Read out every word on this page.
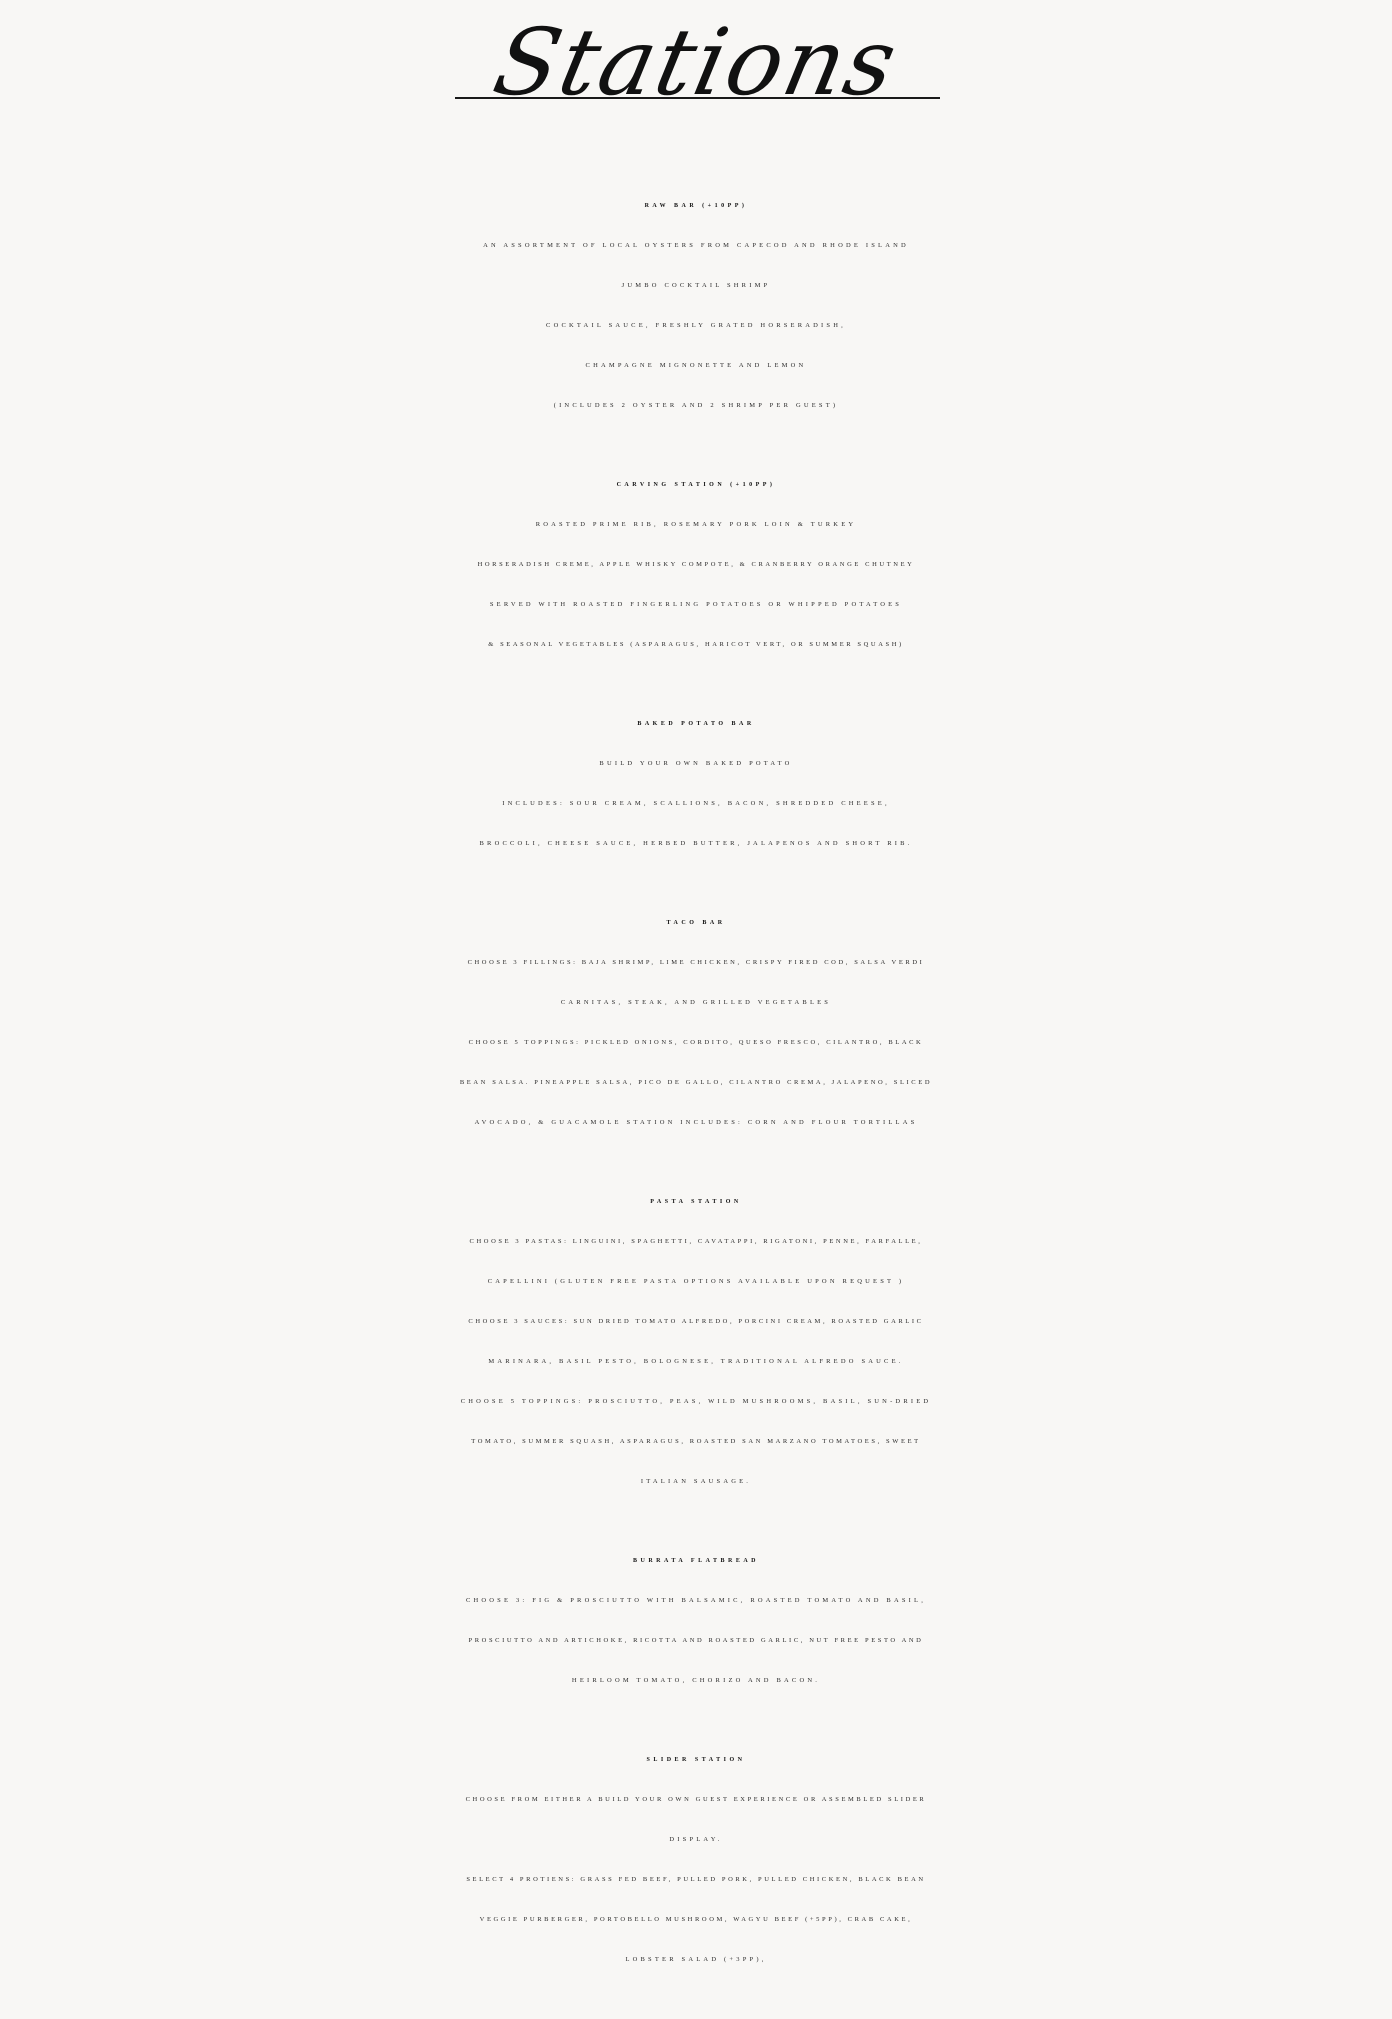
Stations
RAW BAR (+10PP)
AN ASSORTMENT OF LOCAL OYSTERS FROM CAPECOD AND RHODE ISLAND
JUMBO COCKTAIL SHRIMP
COCKTAIL SAUCE, FRESHLY GRATED HORSERADISH,
CHAMPAGNE MIGNONETTE AND LEMON
(INCLUDES 2 OYSTER AND 2 SHRIMP PER GUEST)
CARVING STATION (+10PP)
ROASTED PRIME RIB, ROSEMARY PORK LOIN & TURKEY
HORSERADISH CREME, APPLE WHISKY COMPOTE, & CRANBERRY ORANGE CHUTNEY
SERVED WITH ROASTED FINGERLING POTATOES OR WHIPPED POTATOES
& SEASONAL VEGETABLES (ASPARAGUS, HARICOT VERT, OR SUMMER SQUASH)
BAKED POTATO BAR
BUILD YOUR OWN BAKED POTATO
INCLUDES: SOUR CREAM, SCALLIONS, BACON, SHREDDED CHEESE,
BROCCOLI, CHEESE SAUCE, HERBED BUTTER, JALAPENOS AND SHORT RIB.
TACO BAR
CHOOSE 3 FILLINGS: BAJA SHRIMP, LIME CHICKEN, CRISPY FIRED COD, SALSA VERDI
CARNITAS, STEAK, AND GRILLED VEGETABLES
CHOOSE 5 TOPPINGS: PICKLED ONIONS, CORDITO, QUESO FRESCO, CILANTRO, BLACK
BEAN SALSA. PINEAPPLE SALSA, PICO DE GALLO, CILANTRO CREMA, JALAPENO, SLICED
AVOCADO, & GUACAMOLE STATION INCLUDES: CORN AND FLOUR TORTILLAS
PASTA STATION
CHOOSE 3 PASTAS: LINGUINI, SPAGHETTI, CAVATAPPI, RIGATONI, PENNE, FARFALLE,
CAPELLINI (GLUTEN FREE PASTA OPTIONS AVAILABLE UPON REQUEST )
CHOOSE 3 SAUCES: SUN DRIED TOMATO ALFREDO, PORCINI CREAM, ROASTED GARLIC
MARINARA, BASIL PESTO, BOLOGNESE, TRADITIONAL ALFREDO SAUCE.
CHOOSE 5 TOPPINGS: PROSCIUTTO, PEAS, WILD MUSHROOMS, BASIL, SUN-DRIED
TOMATO, SUMMER SQUASH, ASPARAGUS, ROASTED SAN MARZANO TOMATOES, SWEET
ITALIAN SAUSAGE.
BURRATA FLATBREAD
CHOOSE 3: FIG & PROSCIUTTO WITH BALSAMIC, ROASTED TOMATO AND BASIL,
PROSCIUTTO AND ARTICHOKE, RICOTTA AND ROASTED GARLIC, NUT FREE PESTO AND
HEIRLOOM TOMATO, CHORIZO AND BACON.
SLIDER STATION
CHOOSE FROM EITHER A BUILD YOUR OWN GUEST EXPERIENCE OR ASSEMBLED SLIDER
DISPLAY.
SELECT 4 PROTIENS: GRASS FED BEEF, PULLED PORK, PULLED CHICKEN, BLACK BEAN
VEGGIE PURBERGER, PORTOBELLO MUSHROOM, WAGYU BEEF (+5PP), CRAB CAKE,
LOBSTER SALAD (+3PP),
